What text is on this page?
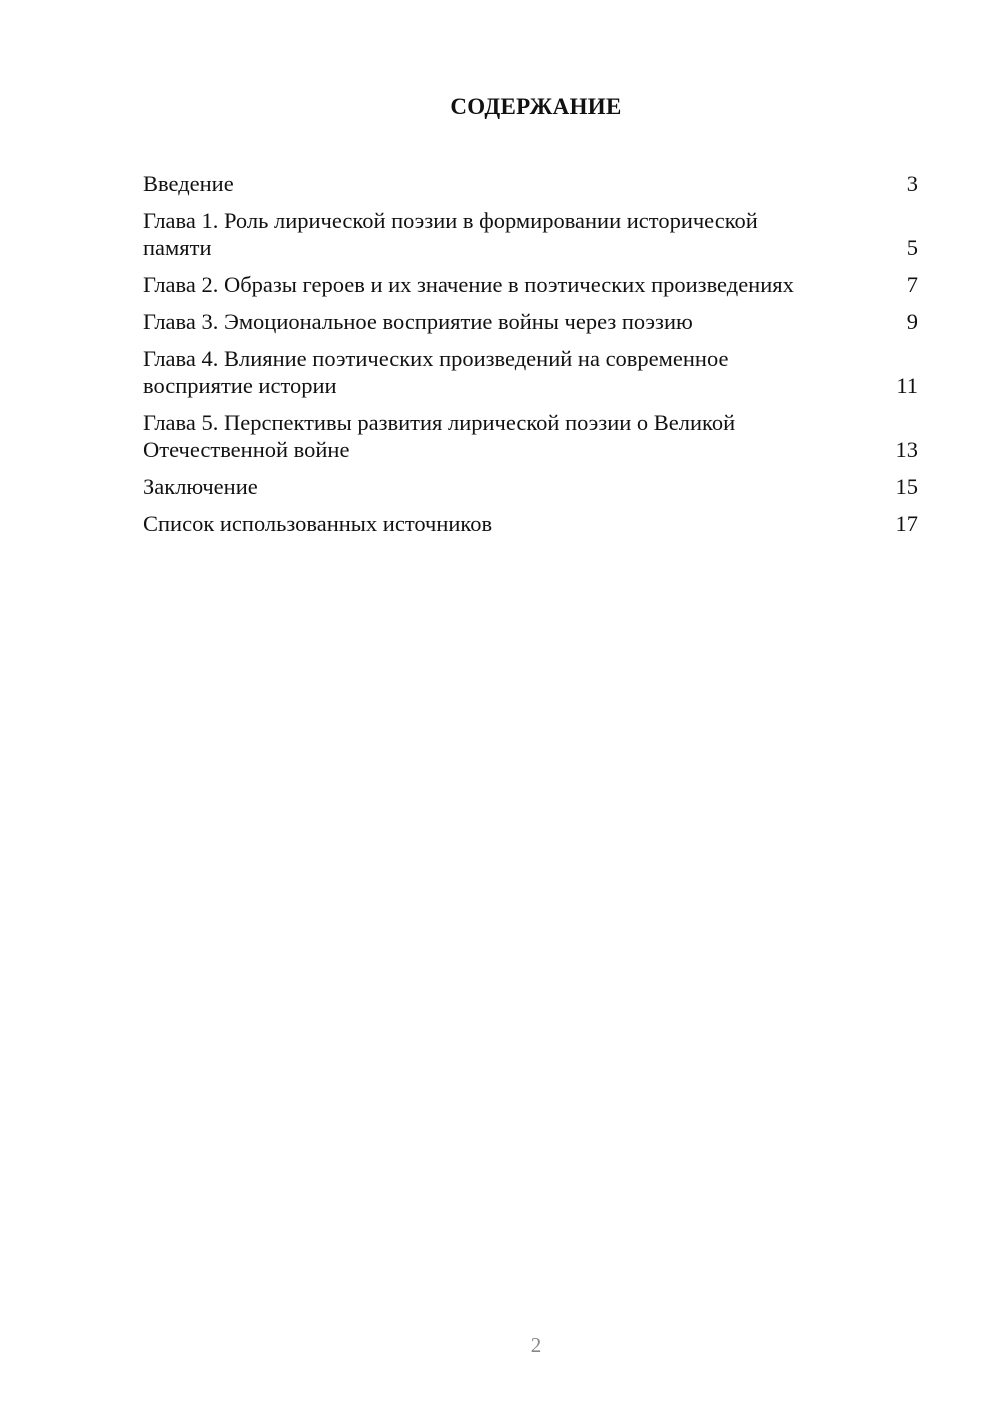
СОДЕРЖАНИЕ
Введение	3
Глава 1. Роль лирической поэзии в формировании исторической памяти	5
Глава 2. Образы героев и их значение в поэтических произведениях	7
Глава 3. Эмоциональное восприятие войны через поэзию	9
Глава 4. Влияние поэтических произведений на современное восприятие истории	11
Глава 5. Перспективы развития лирической поэзии о Великой Отечественной войне	13
Заключение	15
Список использованных источников	17
2
